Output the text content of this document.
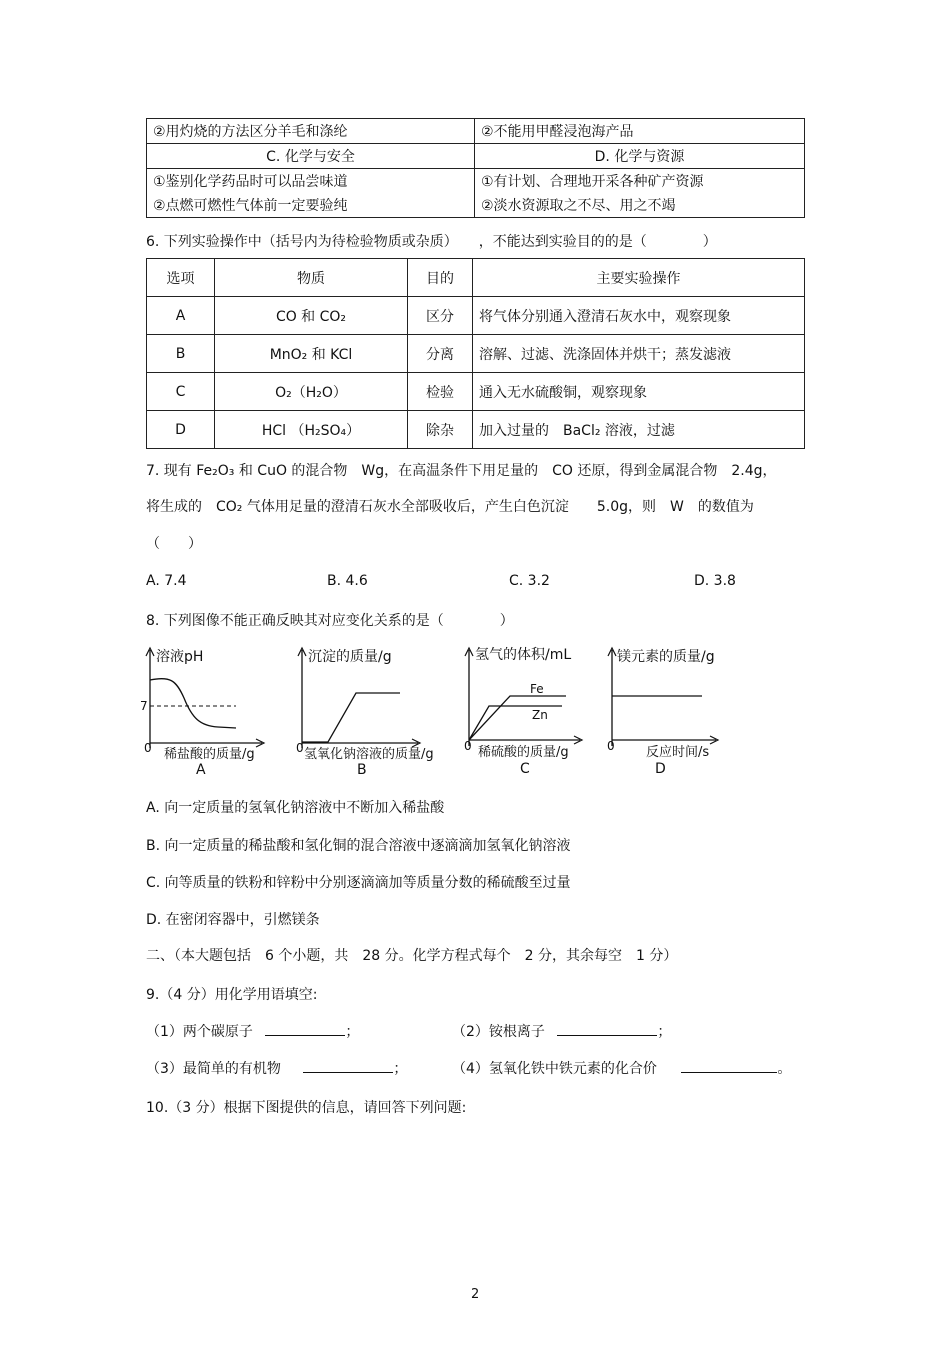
②用灼烧的方法区分羊毛和涤纶	②不能用甲醛浸泡海产品
C. 化学与安全	D. 化学与资源
①鉴别化学药品时可以品尝味道	①有计划、合理地开采各种矿产资源
②点燃可燃性气体前一定要验纯	②淡水资源取之不尽、用之不竭
6. 下列实验操作中（括号内为待检验物质或杂质）　　，不能达到实验目的的是（　　　　）
选项	物质	目的	主要实验操作
A	CO 和 CO₂	区分	将气体分别通入澄清石灰水中，观察现象
B	MnO₂ 和 KCl	分离	溶解、过滤、洗涤固体并烘干；蒸发滤液
C	O₂（H₂O）	检验	通入无水硫酸铜，观察现象
D	HCl （H₂SO₄）	除杂	加入过量的　BaCl₂ 溶液，过滤
7. 现有 Fe₂O₃ 和 CuO 的混合物　Wg，在高温条件下用足量的　CO 还原，得到金属混合物　2.4g，
将生成的　CO₂ 气体用足量的澄清石灰水全部吸收后，产生白色沉淀　　5.0g，则　W　的数值为
（　　）
A. 7.4	B. 4.6	C. 3.2	D. 3.8
8. 下列图像不能正确反映其对应变化关系的是（　　　　）
溶液pH
7
0 稀盐酸的质量/g
A
沉淀的质量/g
0 氢氧化钠溶液的质量/g
B
氢气的体积/mL
Fe
Zn
0 稀硫酸的质量/g
C
镁元素的质量/g
0 反应时间/s
D
A. 向一定质量的氢氧化钠溶液中不断加入稀盐酸
B. 向一定质量的稀盐酸和氢化铜的混合溶液中逐滴滴加氢氧化钠溶液
C. 向等质量的铁粉和锌粉中分别逐滴滴加等质量分数的稀硫酸至过量
D. 在密闭容器中，引燃镁条
二、（本大题包括　6 个小题，共　28 分。化学方程式每个　2 分，其余每空　1 分）
9.（4 分）用化学用语填空:
（1）两个碳原子	；	（2）铵根离子	；
（3）最简单的有机物	；	（4）氢氧化铁中铁元素的化合价	。
10.（3 分）根据下图提供的信息，请回答下列问题:
2
